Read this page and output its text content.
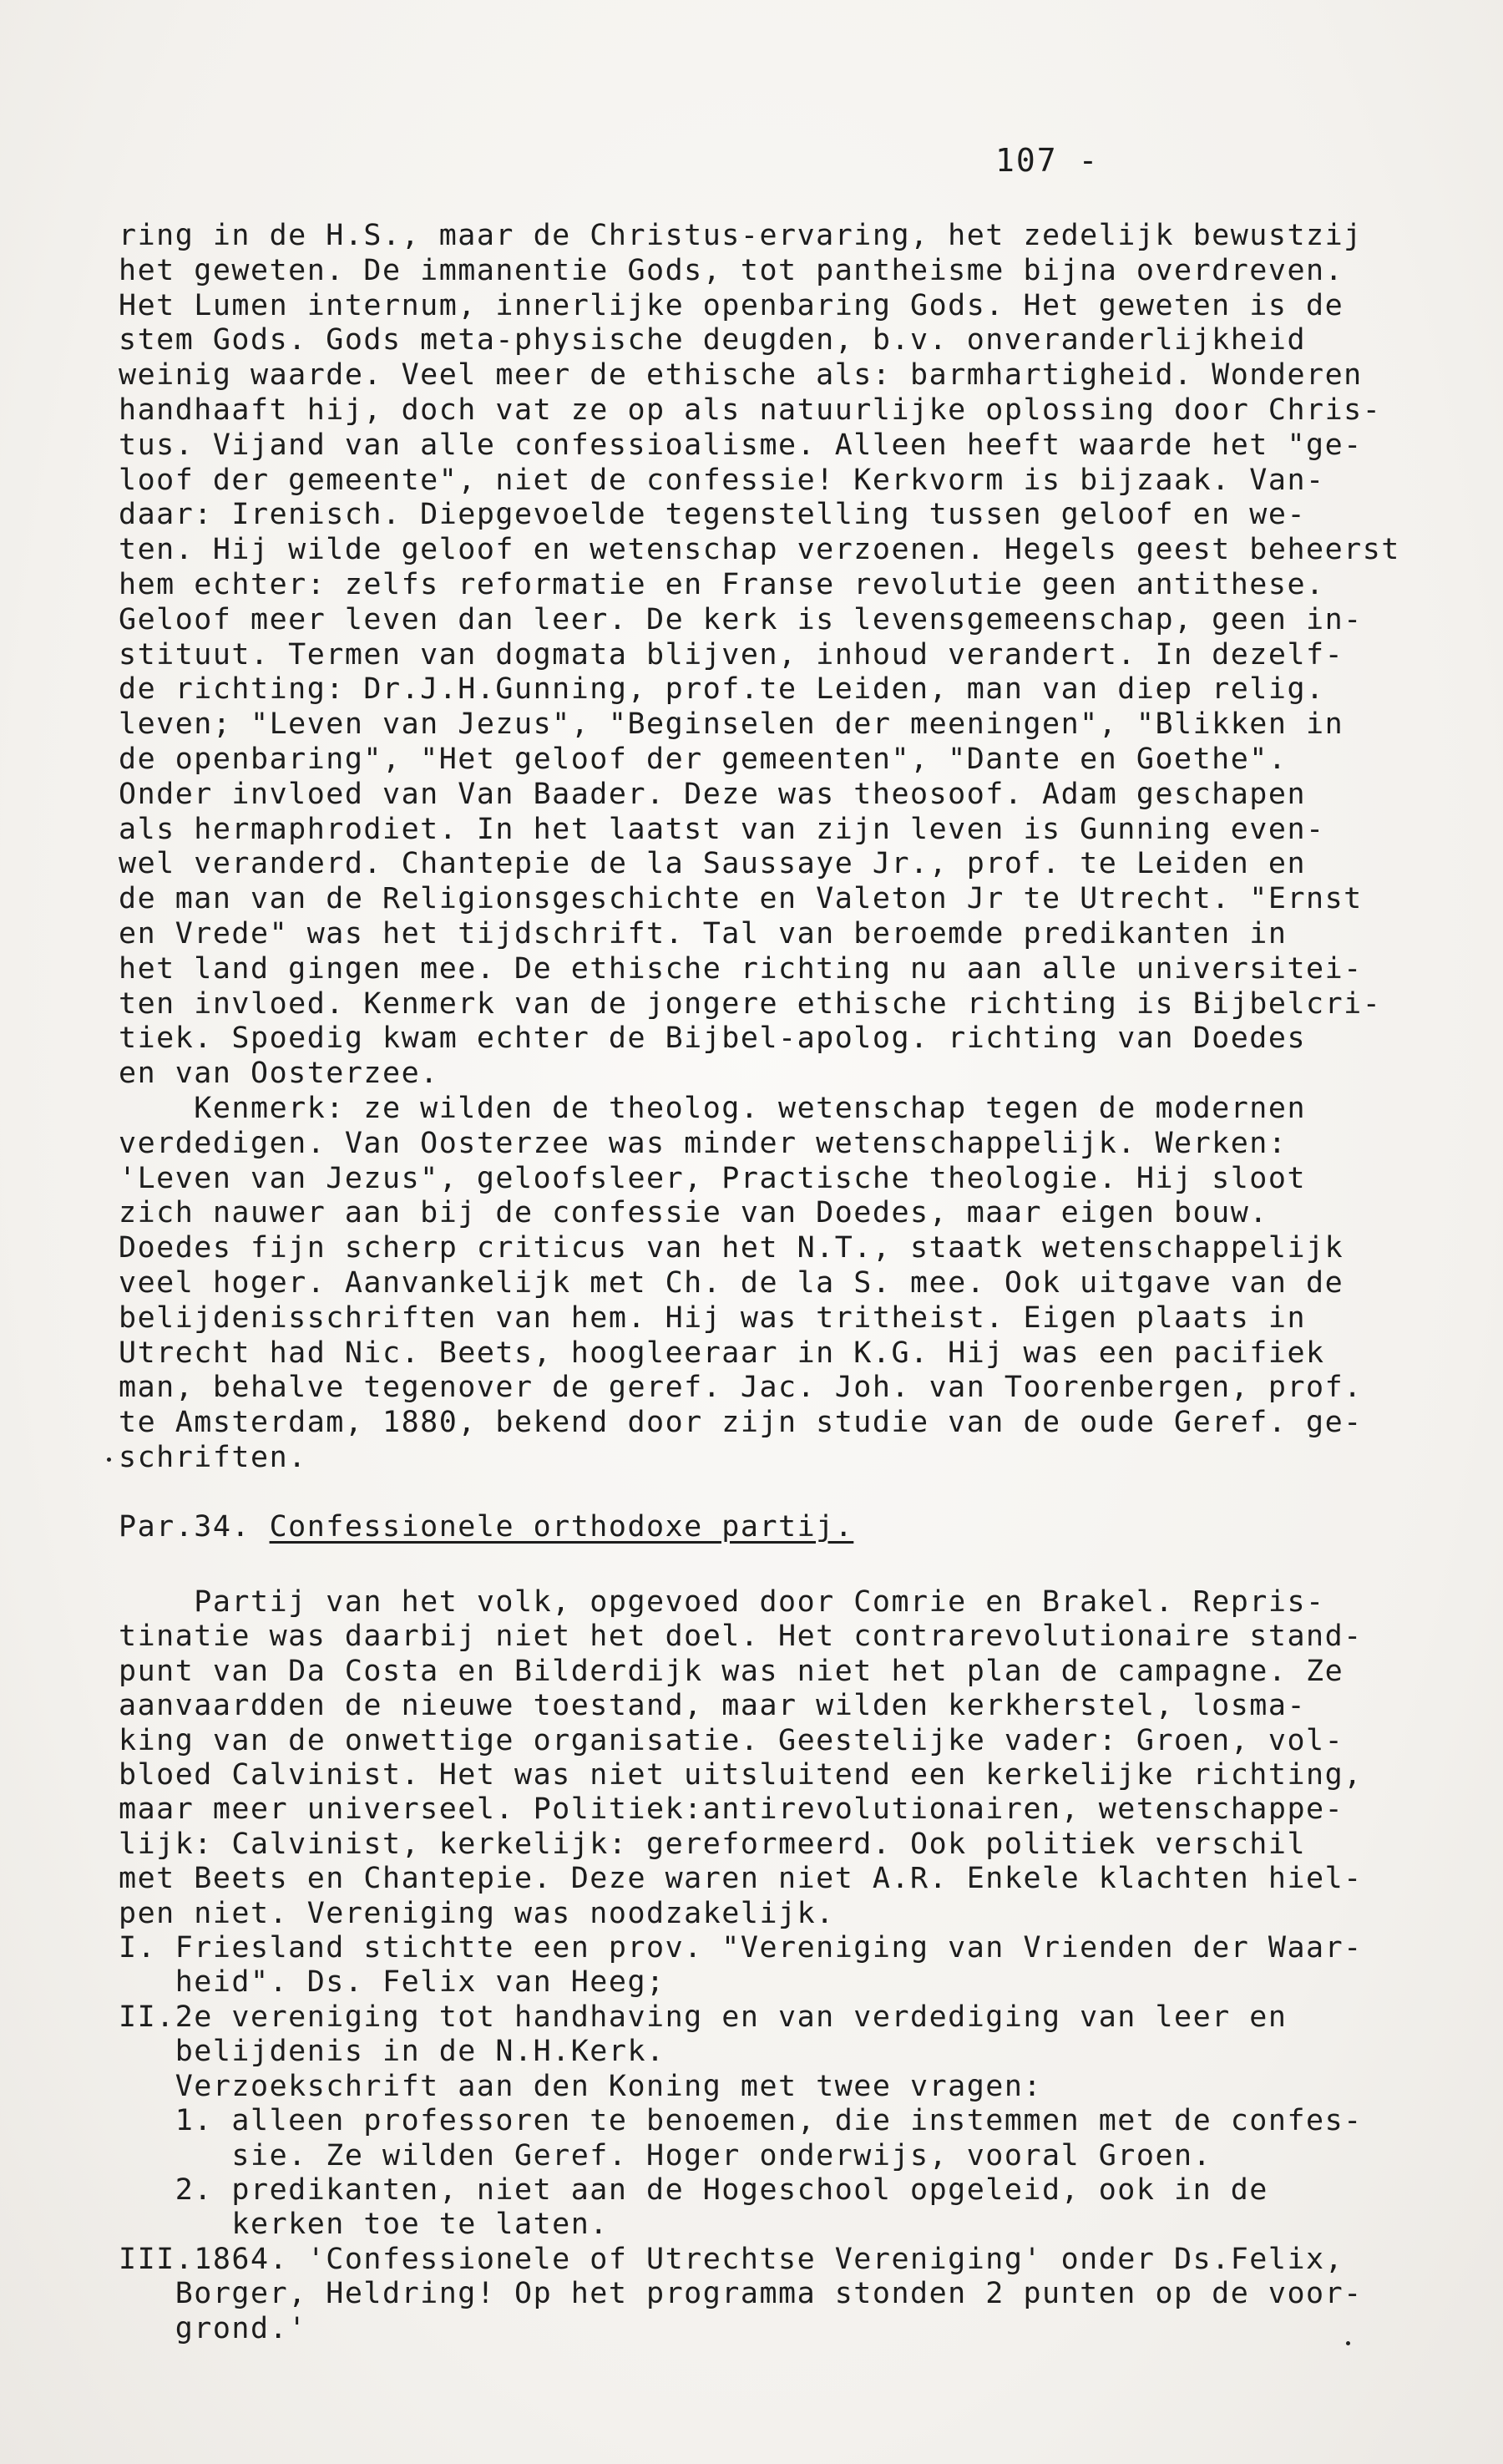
107 -

ring in de H.S., maar de Christus-ervaring, het zedelijk bewustzij
het geweten. De immanentie Gods, tot pantheisme bijna overdreven.
Het Lumen internum, innerlijke openbaring Gods. Het geweten is de
stem Gods. Gods meta-physische deugden, b.v. onveranderlijkheid
weinig waarde. Veel meer de ethische als: barmhartigheid. Wonderen
handhaaft hij, doch vat ze op als natuurlijke oplossing door Chris-
tus. Vijand van alle confessioalisme. Alleen heeft waarde het "ge-
loof der gemeente", niet de confessie! Kerkvorm is bijzaak. Van-
daar: Irenisch. Diepgevoelde tegenstelling tussen geloof en we-
ten. Hij wilde geloof en wetenschap verzoenen. Hegels geest beheerst
hem echter: zelfs reformatie en Franse revolutie geen antithese.
Geloof meer leven dan leer. De kerk is levensgemeenschap, geen in-
stituut. Termen van dogmata blijven, inhoud verandert. In dezelf-
de richting: Dr.J.H.Gunning, prof.te Leiden, man van diep relig.
leven; "Leven van Jezus", "Beginselen der meeningen", "Blikken in
de openbaring", "Het geloof der gemeenten", "Dante en Goethe".
Onder invloed van Van Baader. Deze was theosoof. Adam geschapen
als hermaphrodiet. In het laatst van zijn leven is Gunning even-
wel veranderd. Chantepie de la Saussaye Jr., prof. te Leiden en
de man van de Religionsgeschichte en Valeton Jr te Utrecht. "Ernst
en Vrede" was het tijdschrift. Tal van beroemde predikanten in
het land gingen mee. De ethische richting nu aan alle universitei-
ten invloed. Kenmerk van de jongere ethische richting is Bijbelcri-
tiek. Spoedig kwam echter de Bijbel-apolog. richting van Doedes
en van Oosterzee.
Kenmerk: ze wilden de theolog. wetenschap tegen de modernen
verdedigen. Van Oosterzee was minder wetenschappelijk. Werken:
'Leven van Jezus", geloofsleer, Practische theologie. Hij sloot
zich nauwer aan bij de confessie van Doedes, maar eigen bouw.
Doedes fijn scherp criticus van het N.T., staatk wetenschappelijk
veel hoger. Aanvankelijk met Ch. de la S. mee. Ook uitgave van de
belijdenisschriften van hem. Hij was tritheist. Eigen plaats in
Utrecht had Nic. Beets, hoogleeraar in K.G. Hij was een pacifiek
man, behalve tegenover de geref. Jac. Joh. van Toorenbergen, prof.
te Amsterdam, 1880, bekend door zijn studie van de oude Geref. ge-
schriften.

Par.34. Confessionele orthodoxe partij.

Partij van het volk, opgevoed door Comrie en Brakel. Repris-
tinatie was daarbij niet het doel. Het contrarevolutionaire stand-
punt van Da Costa en Bilderdijk was niet het plan de campagne. Ze
aanvaardden de nieuwe toestand, maar wilden kerkherstel, losma-
king van de onwettige organisatie. Geestelijke vader: Groen, vol-
bloed Calvinist. Het was niet uitsluitend een kerkelijke richting,
maar meer universeel. Politiek:antirevolutionairen, wetenschappe-
lijk: Calvinist, kerkelijk: gereformeerd. Ook politiek verschil
met Beets en Chantepie. Deze waren niet A.R. Enkele klachten hiel-
pen niet. Vereniging was noodzakelijk.
I. Friesland stichtte een prov. "Vereniging van Vrienden der Waar-
heid". Ds. Felix van Heeg;
II.2e vereniging tot handhaving en van verdediging van leer en
belijdenis in de N.H.Kerk.
Verzoekschrift aan den Koning met twee vragen:
1. alleen professoren te benoemen, die instemmen met de confes-
sie. Ze wilden Geref. Hoger onderwijs, vooral Groen.
2. predikanten, niet aan de Hogeschool opgeleid, ook in de
kerken toe te laten.
III.1864. 'Confessionele of Utrechtse Vereniging' onder Ds.Felix,
Borger, Heldring! Op het programma stonden 2 punten op de voor-
grond.'
